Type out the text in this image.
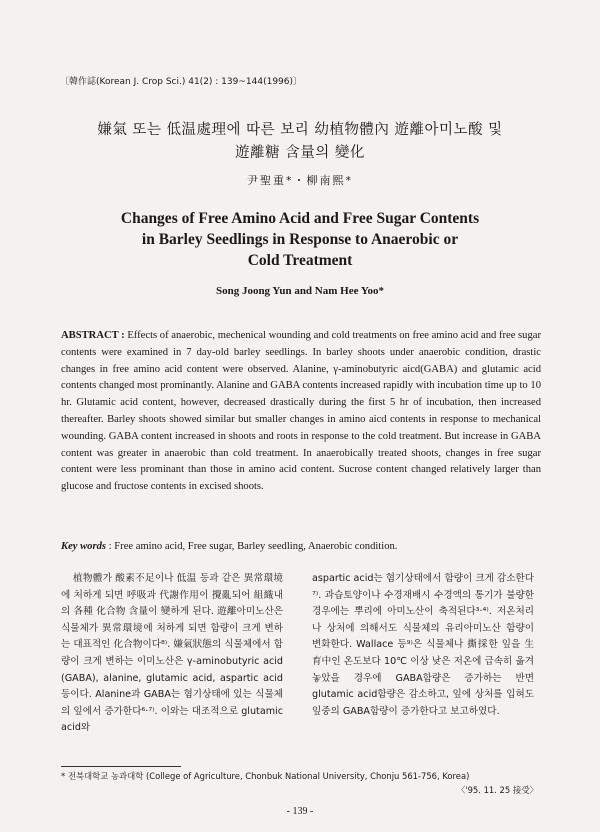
〔韓作誌(Korean J. Crop Sci.) 41(2) : 139~144(1996)〕
嫌氣 또는 低温處理에 따른 보리 幼植物體內 遊離아미노酸 및
遊離糖 含量의 變化
尹聖重*・柳南熙*
Changes of Free Amino Acid and Free Sugar Contents
in Barley Seedlings in Response to Anaerobic or
Cold Treatment
Song Joong Yun and Nam Hee Yoo*
ABSTRACT : Effects of anaerobic, mechenical wounding and cold treatments on free amino acid and free sugar contents were examined in 7 day-old barley seedlings. In barley shoots under anaerobic condition, drastic changes in free amino acid content were observed. Alanine, γ-aminobutyric aicd(GABA) and glutamic acid contents changed most prominantly. Alanine and GABA contents increased rapidly with incubation time up to 10 hr. Glutamic acid content, however, decreased drastically during the first 5 hr of incubation, then increased thereafter. Barley shoots showed similar but smaller changes in amino aicd contents in response to mechanical wounding. GABA content increased in shoots and roots in response to the cold treatment. But increase in GABA content was greater in anaerobic than cold treatment. In anaerobically treated shoots, changes in free sugar content were less prominant than those in amino acid content. Sucrose content changed relatively larger than glucose and fructose contents in excised shoots.
Key words : Free amino acid, Free sugar, Barley seedling, Anaerobic condition.

植物體가 酸素不足이나 低温 등과 같은 異常環境에 처하게 되면 呼吸과 代謝作用이 攪亂되어 組織내의 各種 化合物 含量이 變하게 된다. 遊離아미노산은 식물체가 異常環境에 처하게 되면 함량이 크게 변하는 대표적인 化合物이다⁸⁾. 嫌氣狀態의 식물체에서 함량이 크게 변하는 이미노산은 γ-aminobutyric acid (GABA), alanine, glutamic acid, aspartic acid 등이다. Alanine과 GABA는 혐기상태에 있는 식물체의 잎에서 증가한다⁶·⁷⁾. 이와는 대조적으로 glutamic acid와

aspartic acid는 혐기상태에서 함량이 크게 감소한다⁷⁾. 과습토양이나 수경재배시 수경액의 통기가 불량한 경우에는 뿌리에 아미노산이 축적된다³·⁴⁾. 저온처리나 상처에 의해서도 식물체의 유리아미노산 함량이 변화한다. Wallace 등⁹⁾은 식물체나 撕採한 잎을 生育中인 온도보다 10℃ 이상 낮은 저온에 급속히 옮겨 놓았을 경우에 GABA함량은 증가하는 반면 glutamic acid함량은 감소하고, 잎에 상처를 입혀도 잎중의 GABA함량이 증가한다고 보고하였다.

* 전북대학교 농과대학 (College of Agriculture, Chonbuk National University, Chonju 561-756, Korea)
〈'95. 11. 25 接受〉
- 139 -
